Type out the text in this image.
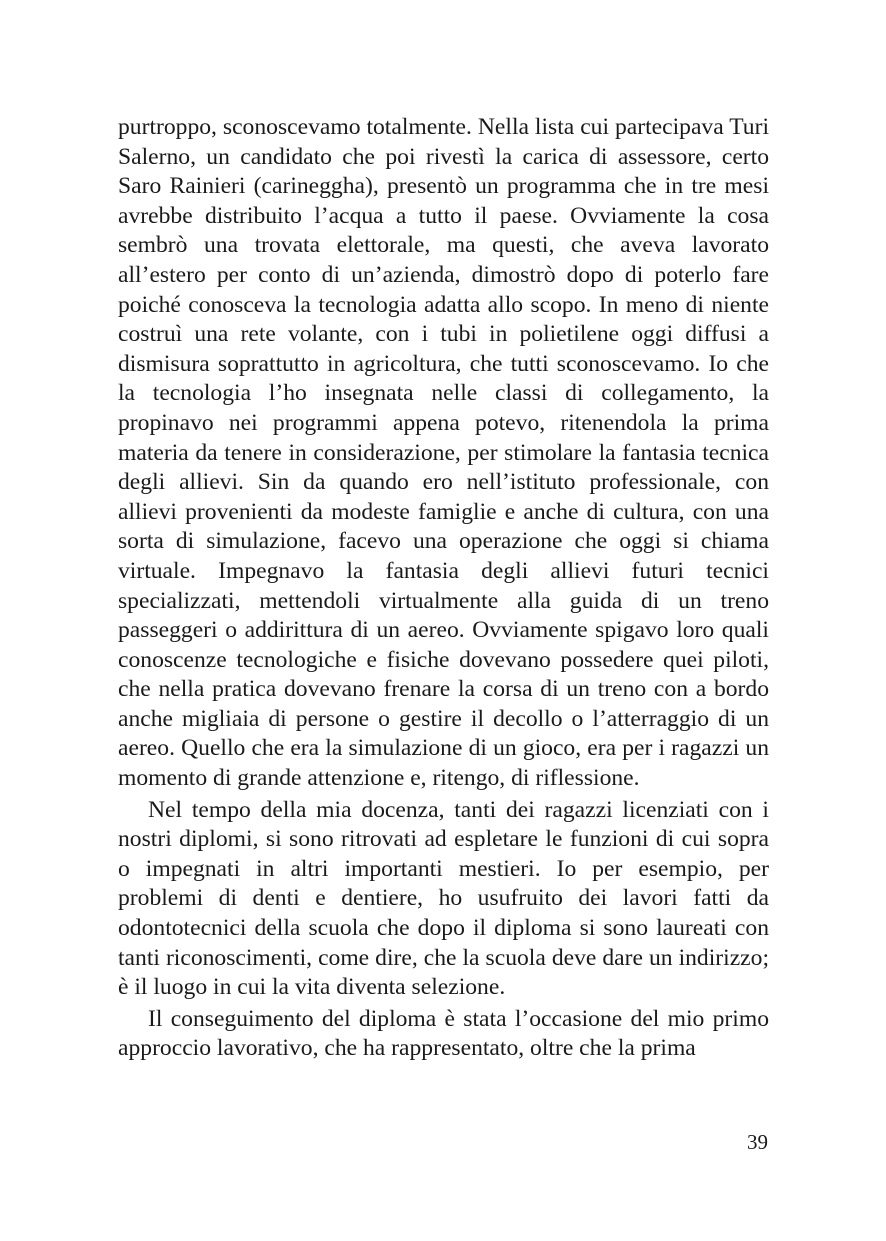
purtroppo, sconoscevamo totalmente. Nella lista cui partecipava Turi Salerno, un candidato che poi rivestì la carica di assessore, certo Saro Rainieri (carineggha), presentò un programma che in tre mesi avrebbe distribuito l’acqua a tutto il paese. Ovviamente la cosa sembrò una trovata elettorale, ma questi, che aveva lavorato all’estero per conto di un’azienda, dimostrò dopo di poterlo fare poiché conosceva la tecnologia adatta allo scopo. In meno di niente costruì una rete volante, con i tubi in polietilene oggi diffusi a dismisura soprattutto in agricoltura, che tutti sconoscevamo. Io che la tecnologia l’ho insegnata nelle classi di collegamento, la propinavo nei programmi appena potevo, ritenendola la prima materia da tenere in considerazione, per stimolare la fantasia tecnica degli allievi. Sin da quando ero nell’istituto professionale, con allievi provenienti da modeste famiglie e anche di cultura, con una sorta di simulazione, facevo una operazione che oggi si chiama virtuale. Impegnavo la fantasia degli allievi futuri tecnici specializzati, mettendoli virtualmente alla guida di un treno passeggeri o addirittura di un aereo. Ovviamente spigavo loro quali conoscenze tecnologiche e fisiche dovevano possedere quei piloti, che nella pratica dovevano frenare la corsa di un treno con a bordo anche migliaia di persone o gestire il decollo o l’atterraggio di un aereo. Quello che era la simulazione di un gioco, era per i ragazzi un momento di grande attenzione e, ritengo, di riflessione.

Nel tempo della mia docenza, tanti dei ragazzi licenziati con i nostri diplomi, si sono ritrovati ad espletare le funzioni di cui sopra o impegnati in altri importanti mestieri. Io per esempio, per problemi di denti e dentiere, ho usufruito dei lavori fatti da odontotecnici della scuola che dopo il diploma si sono laureati con tanti riconoscimenti, come dire, che la scuola deve dare un indirizzo; è il luogo in cui la vita diventa selezione.

Il conseguimento del diploma è stata l’occasione del mio primo approccio lavorativo, che ha rappresentato, oltre che la prima

39
